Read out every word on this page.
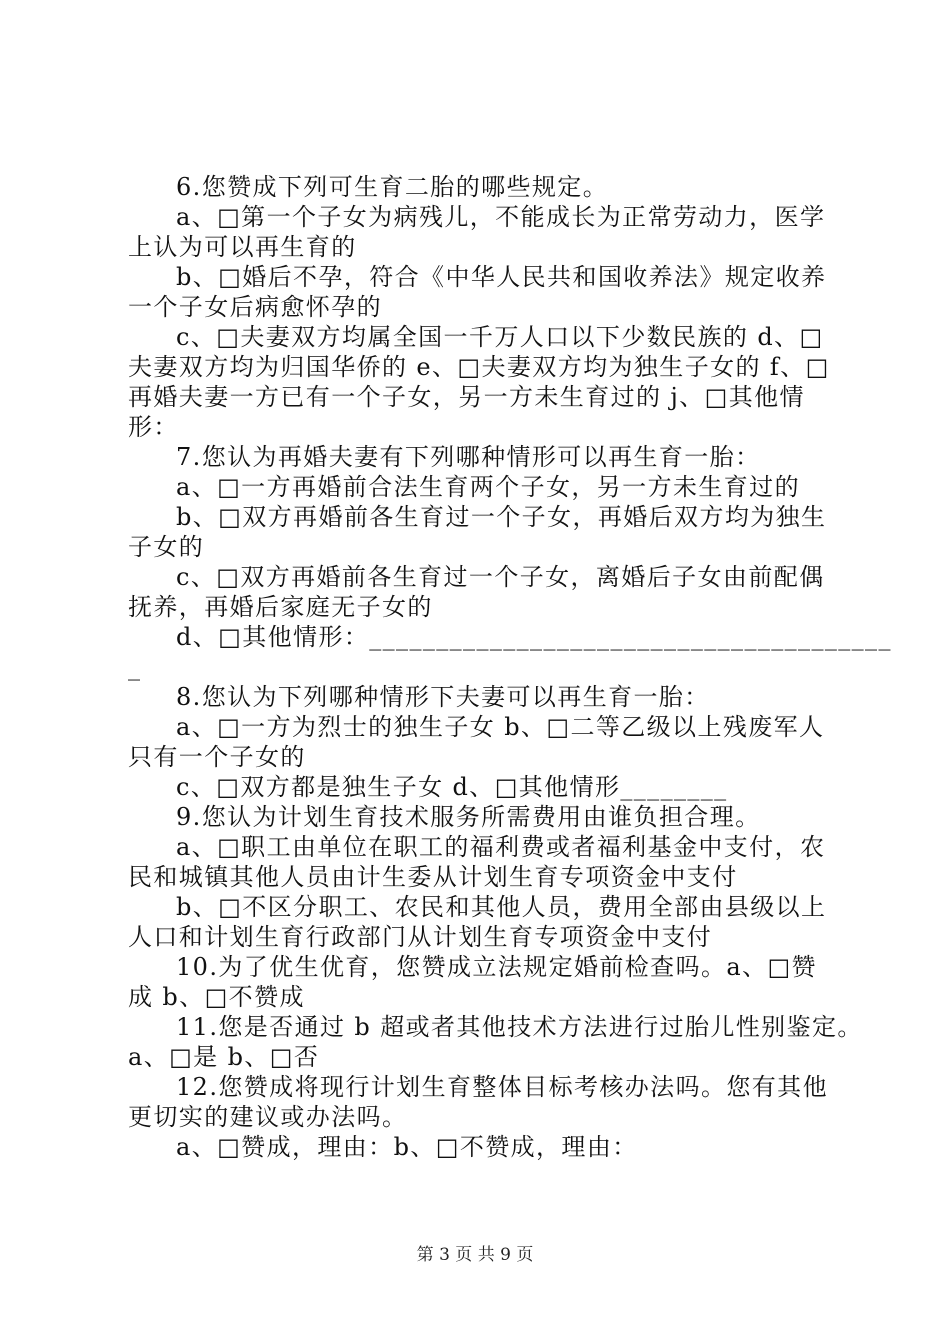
6.您赞成下列可生育二胎的哪些规定。
a、□第一个子女为病残儿，不能成长为正常劳动力，医学
上认为可以再生育的
b、□婚后不孕，符合《中华人民共和国收养法》规定收养
一个子女后病愈怀孕的
c、□夫妻双方均属全国一千万人口以下少数民族的 d、□
夫妻双方均为归国华侨的 e、□夫妻双方均为独生子女的 f、□
再婚夫妻一方已有一个子女，另一方未生育过的 j、□其他情
形：
7.您认为再婚夫妻有下列哪种情形可以再生育一胎：
a、□一方再婚前合法生育两个子女，另一方未生育过的
b、□双方再婚前各生育过一个子女，再婚后双方均为独生
子女的
c、□双方再婚前各生育过一个子女，离婚后子女由前配偶
抚养，再婚后家庭无子女的
d、□其他情形：_______________________________________
_
8.您认为下列哪种情形下夫妻可以再生育一胎：
a、□一方为烈士的独生子女 b、□二等乙级以上残废军人
只有一个子女的
c、□双方都是独生子女 d、□其他情形________
9.您认为计划生育技术服务所需费用由谁负担合理。
a、□职工由单位在职工的福利费或者福利基金中支付，农
民和城镇其他人员由计生委从计划生育专项资金中支付
b、□不区分职工、农民和其他人员，费用全部由县级以上
人口和计划生育行政部门从计划生育专项资金中支付
10.为了优生优育，您赞成立法规定婚前检查吗。a、□赞
成 b、□不赞成
11.您是否通过 b 超或者其他技术方法进行过胎儿性别鉴定。
a、□是 b、□否
12.您赞成将现行计划生育整体目标考核办法吗。您有其他
更切实的建议或办法吗。
a、□赞成，理由：b、□不赞成，理由：
第 3 页 共 9 页
